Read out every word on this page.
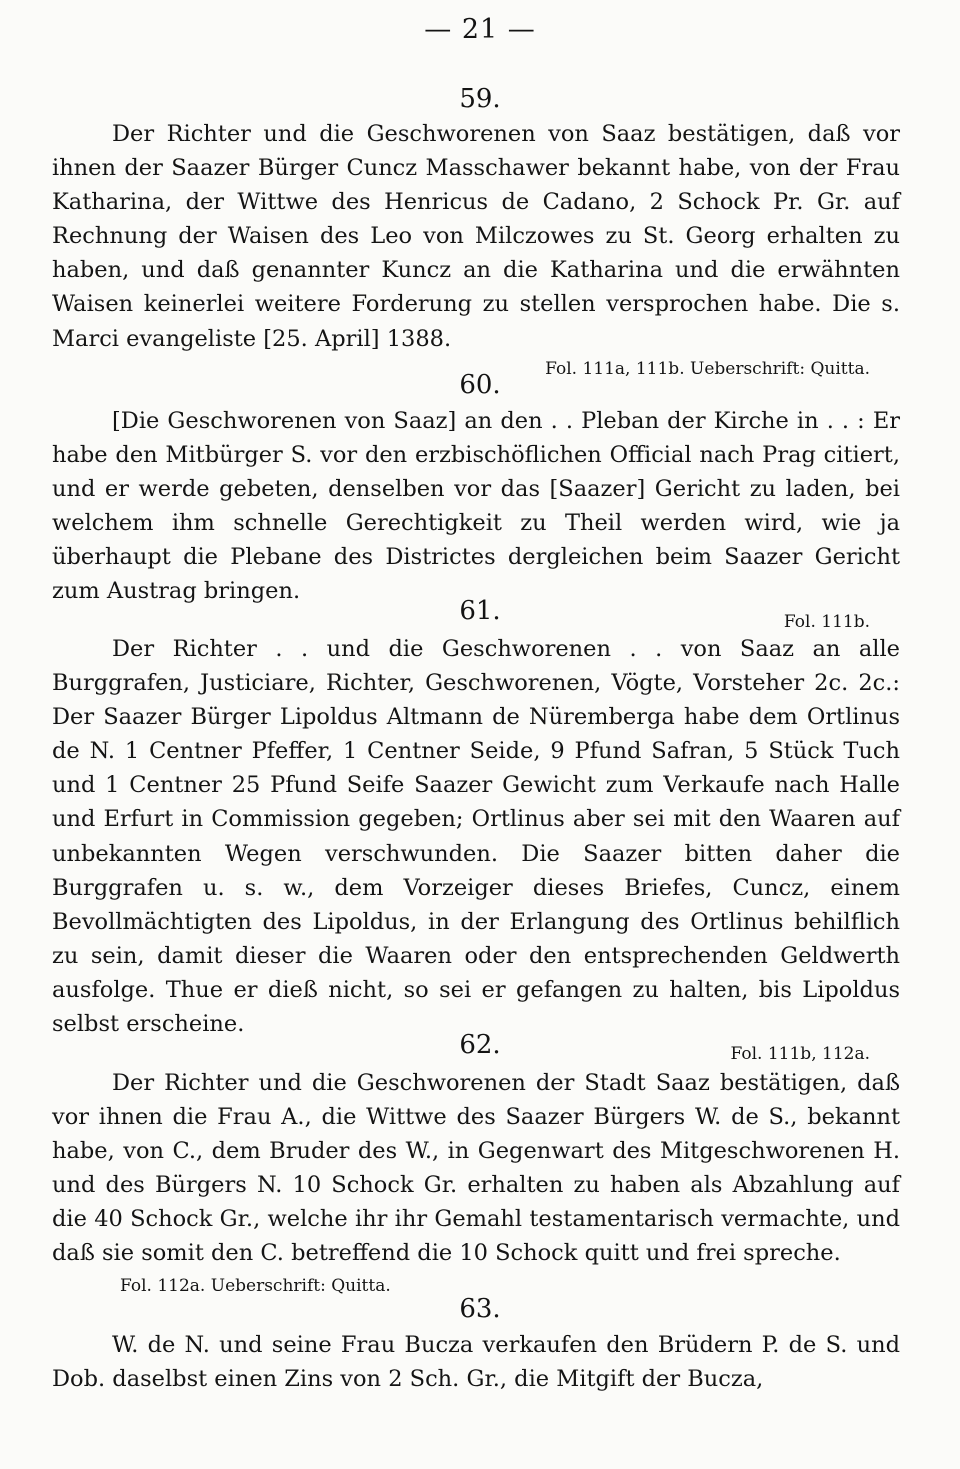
— 21 —
59.

Der Richter und die Geschworenen von Saaz bestätigen, daß vor ihnen der Saazer Bürger Cuncz Masschawer bekannt habe, von der Frau Katharina, der Wittwe des Henricus de Cadano, 2 Schock Pr. Gr. auf Rechnung der Waisen des Leo von Milczowes zu St. Georg erhalten zu haben, und daß genannter Kuncz an die Katharina und die erwähnten Waisen keinerlei weitere Forderung zu stellen versprochen habe. Die s. Marci evangeliste [25. April] 1388.

Fol. 111a, 111b. Ueberschrift: Quitta.
60.

[Die Geschworenen von Saaz] an den . . Pleban der Kirche in . . : Er habe den Mitbürger S. vor den erzbischöflichen Official nach Prag citiert, und er werde gebeten, denselben vor das [Saazer] Gericht zu laden, bei welchem ihm schnelle Gerechtigkeit zu Theil werden wird, wie ja überhaupt die Plebane des Districtes dergleichen beim Saazer Gericht zum Austrag bringen.

Fol. 111b.
61.

Der Richter . . und die Geschworenen . . von Saaz an alle Burggrafen, Justiciare, Richter, Geschworenen, Vögte, Vorsteher 2c. 2c.: Der Saazer Bürger Lipoldus Altmann de Nüremberga habe dem Ortlinus de N. 1 Centner Pfeffer, 1 Centner Seide, 9 Pfund Safran, 5 Stück Tuch und 1 Centner 25 Pfund Seife Saazer Gewicht zum Verkaufe nach Halle und Erfurt in Commission gegeben; Ortlinus aber sei mit den Waaren auf unbekannten Wegen verschwunden. Die Saazer bitten daher die Burggrafen u. s. w., dem Vorzeiger dieses Briefes, Cuncz, einem Bevollmächtigten des Lipoldus, in der Erlangung des Ortlinus behilflich zu sein, damit dieser die Waaren oder den entsprechenden Geldwerth ausfolge. Thue er dieß nicht, so sei er gefangen zu halten, bis Lipoldus selbst erscheine.

Fol. 111b, 112a.
62.

Der Richter und die Geschworenen der Stadt Saaz bestätigen, daß vor ihnen die Frau A., die Wittwe des Saazer Bürgers W. de S., bekannt habe, von C., dem Bruder des W., in Gegenwart des Mitgeschworenen H. und des Bürgers N. 10 Schock Gr. erhalten zu haben als Abzahlung auf die 40 Schock Gr., welche ihr ihr Gemahl testamentarisch vermachte, und daß sie somit den C. betreffend die 10 Schock quitt und frei spreche.

Fol. 112a. Ueberschrift: Quitta.
63.

W. de N. und seine Frau Bucza verkaufen den Brüdern P. de S. und Dob. daselbst einen Zins von 2 Sch. Gr., die Mitgift der Bucza,
